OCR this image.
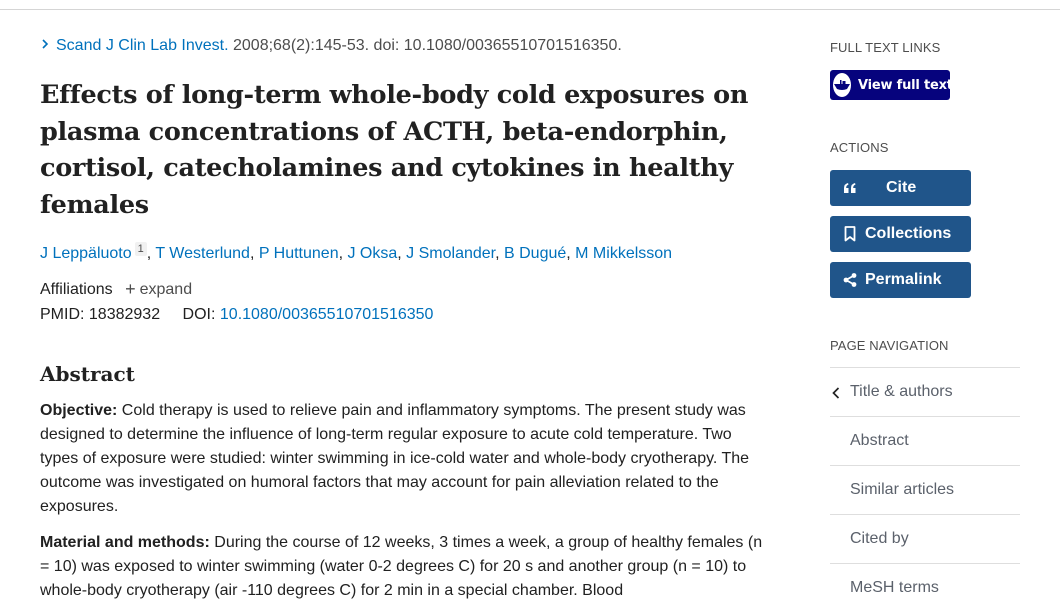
Scand J Clin Lab Invest. 2008;68(2):145-53. doi: 10.1080/00365510701516350.
Effects of long-term whole-body cold exposures on plasma concentrations of ACTH, beta-endorphin, cortisol, catecholamines and cytokines in healthy females
J Leppäluoto $^1$ , T Westerlund, P Huttunen, J Oksa, J Smolander, B Dugué, M Mikkelsson
Affiliations + expand
PMID: 18382932 DOI: 10.1080/00365510701516350
Abstract

Objective: Cold therapy is used to relieve pain and inflammatory symptoms. The present study was designed to determine the influence of long-term regular exposure to acute cold temperature. Two types of exposure were studied: winter swimming in ice-cold water and whole-body cryotherapy. The outcome was investigated on humoral factors that may account for pain alleviation related to the exposures.

Material and methods: During the course of 12 weeks, 3 times a week, a group of healthy females (n = 10) was exposed to winter swimming (water 0-2 degrees C) for 20 s and another group (n = 10) to whole-body cryotherapy (air -110 degrees C) for 2 min in a special chamber. Blood

FULL TEXT LINKS
View full text
ACTIONS
Cite
Collections
Permalink
PAGE NAVIGATION
Title & authors
Abstract
Similar articles
Cited by
MeSH terms
